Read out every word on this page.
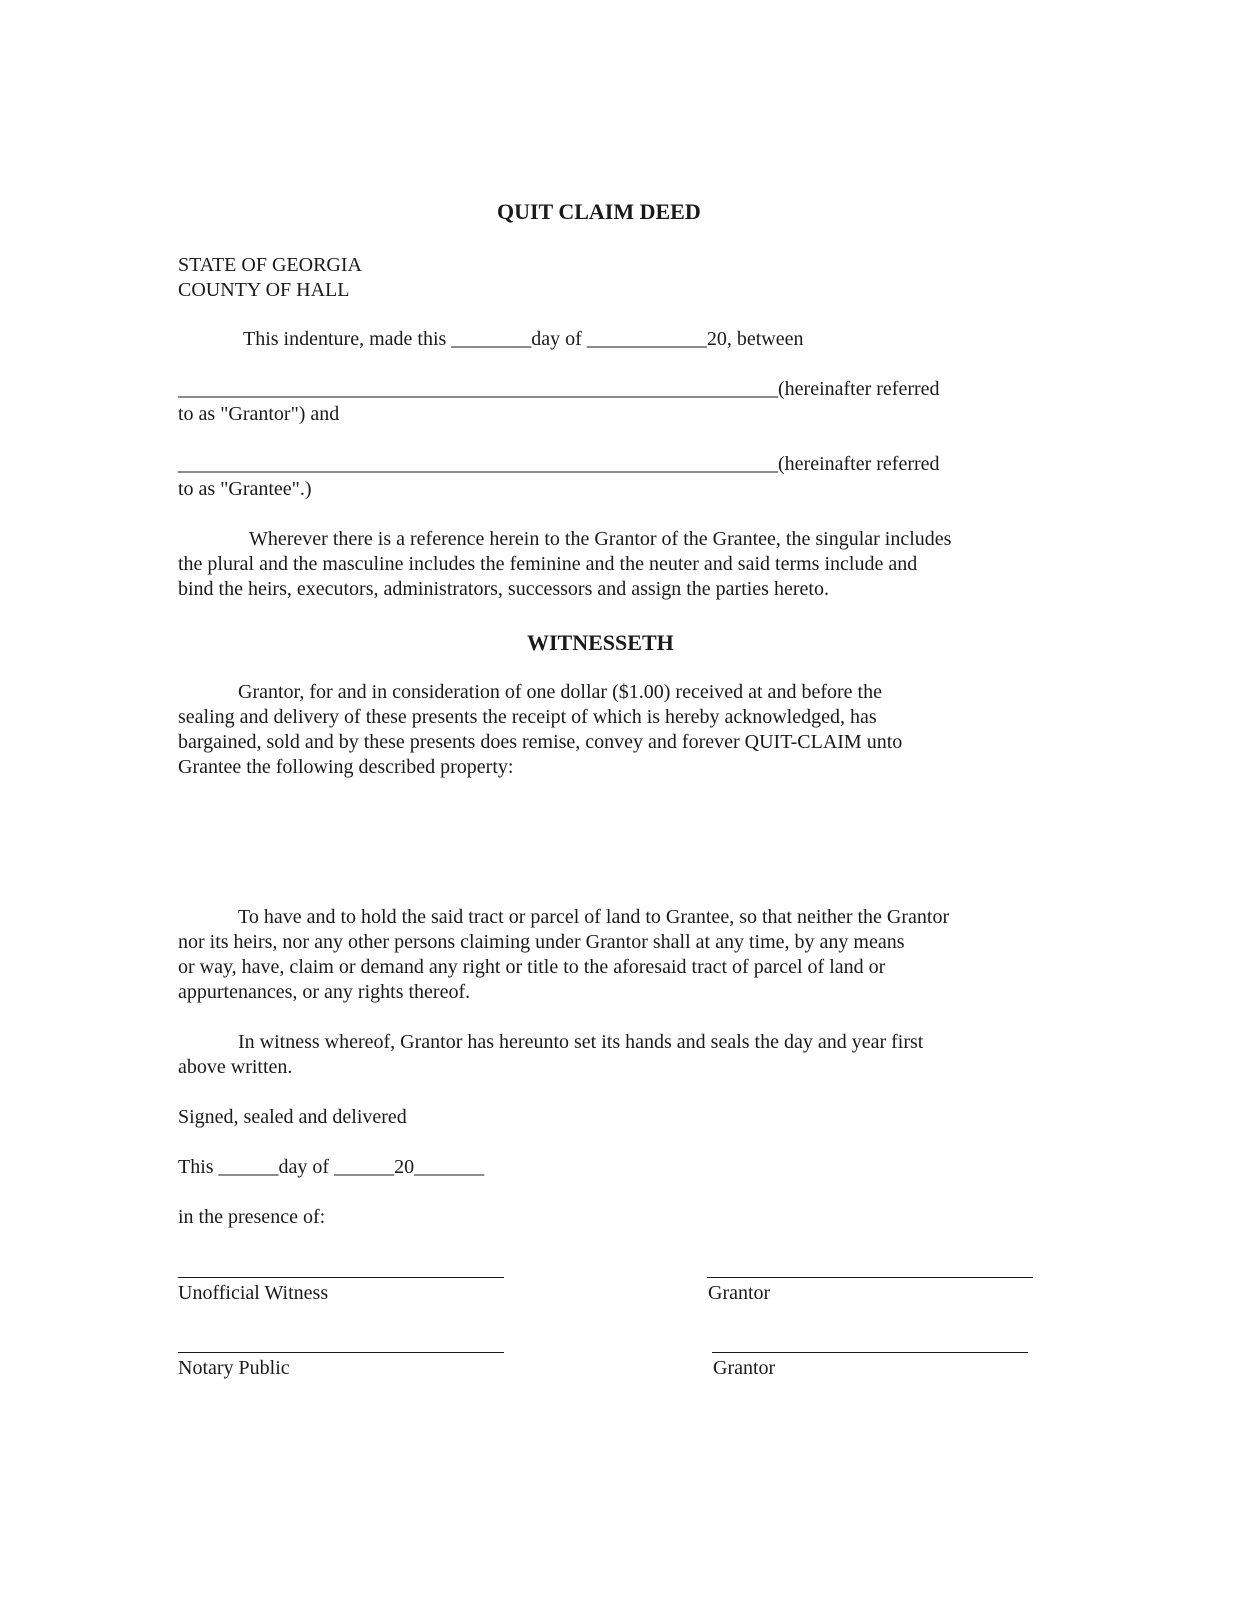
QUIT CLAIM DEED
STATE OF GEORGIA
COUNTY OF HALL
This indenture, made this ________day of ____________20, between
____________________________________________________________(hereinafter referred
to as "Grantor") and
____________________________________________________________(hereinafter referred
to as "Grantee".)
Wherever there is a reference herein to the Grantor of the Grantee, the singular includes
the plural and the masculine includes the feminine and the neuter and said terms include and
bind the heirs, executors, administrators, successors and assign the parties hereto.
WITNESSETH
Grantor, for and in consideration of one dollar ($1.00) received at and before the
sealing and delivery of these presents the receipt of which is hereby acknowledged, has
bargained, sold and by these presents does remise, convey and forever QUIT-CLAIM unto
Grantee the following described property:
To have and to hold the said tract or parcel of land to Grantee, so that neither the Grantor
nor its heirs, nor any other persons claiming under Grantor shall at any time, by any means
or way, have, claim or demand any right or title to the aforesaid tract of parcel of land or
appurtenances, or any rights thereof.
In witness whereof, Grantor has hereunto set its hands and seals the day and year first
above written.
Signed, sealed and delivered
This ______day of ______20_______
in the presence of:
Unofficial Witness	Grantor
Notary Public	Grantor
